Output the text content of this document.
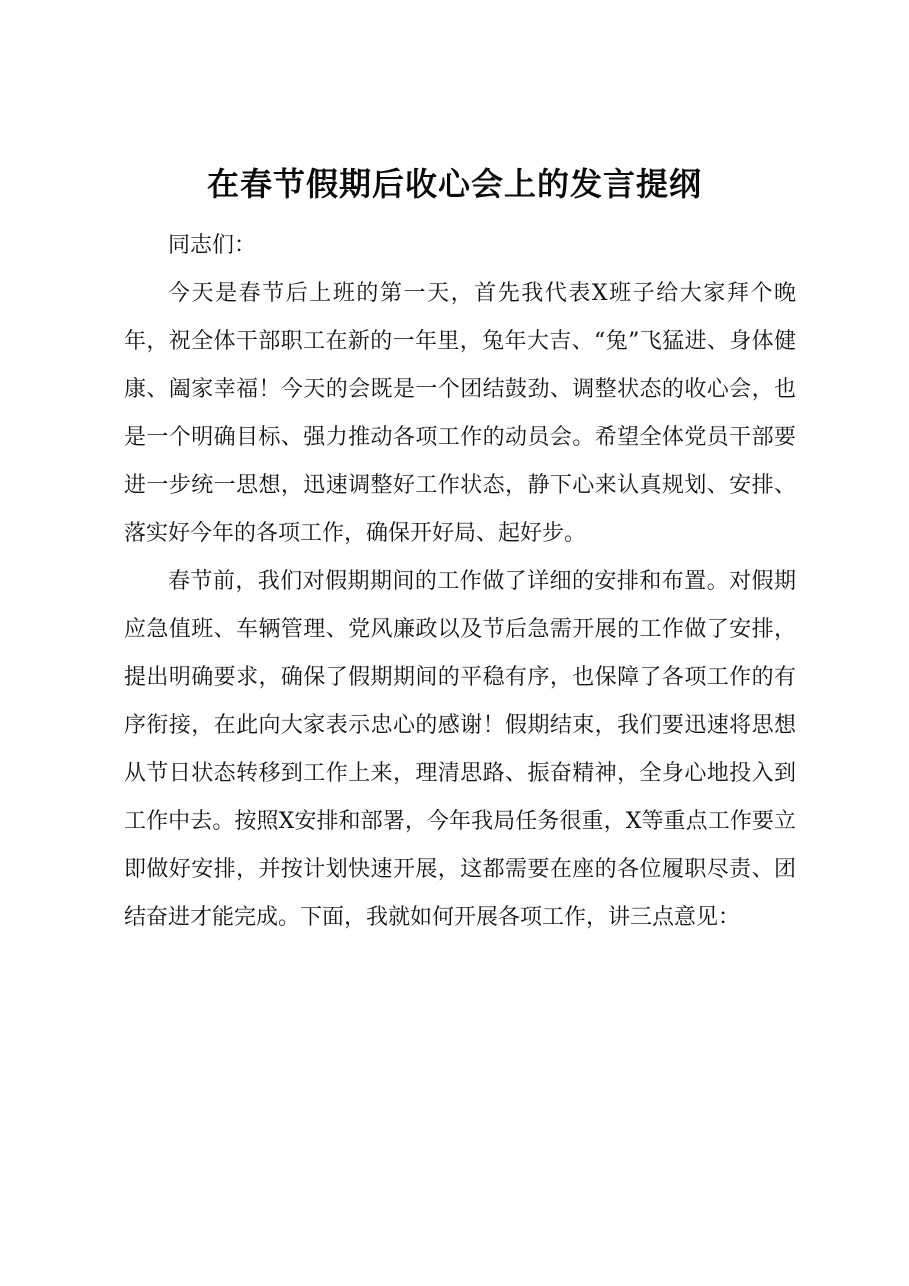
在春节假期后收心会上的发言提纲

同志们：

今天是春节后上班的第一天，首先我代表X班子给大家拜个晚年，祝全体干部职工在新的一年里，兔年大吉、“兔”飞猛进、身体健康、阖家幸福！今天的会既是一个团结鼓劲、调整状态的收心会，也是一个明确目标、强力推动各项工作的动员会。希望全体党员干部要进一步统一思想，迅速调整好工作状态，静下心来认真规划、安排、落实好今年的各项工作，确保开好局、起好步。

春节前，我们对假期期间的工作做了详细的安排和布置。对假期应急值班、车辆管理、党风廉政以及节后急需开展的工作做了安排，提出明确要求，确保了假期期间的平稳有序，也保障了各项工作的有序衔接，在此向大家表示忠心的感谢！假期结束，我们要迅速将思想从节日状态转移到工作上来，理清思路、振奋精神，全身心地投入到工作中去。按照X安排和部署，今年我局任务很重，X等重点工作要立即做好安排，并按计划快速开展，这都需要在座的各位履职尽责、团结奋进才能完成。下面，我就如何开展各项工作，讲三点意见：
